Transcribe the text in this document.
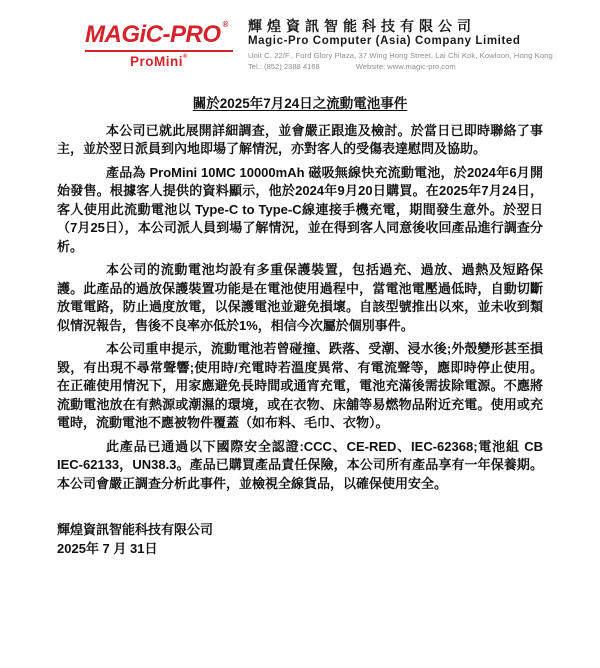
MAGiC-PRO ®
ProMini®
輝煌資訊智能科技有限公司
Magic-Pro Computer (Asia) Company Limited
Unit C, 22/F., Ford Glory Plaza, 37 Wing Hong Street, Lai Chi Kok, Kowloon, Hong Kong
Tel.: (852) 2388 4168	Website: www.magic-pro.com
關於2025年7月24日之流動電池事件

本公司已就此展開詳細調查，並會嚴正跟進及檢討。於當日已即時聯絡了事主，並於翌日派員到內地即場了解情況，亦對客人的受傷表達慰問及協助。

產品為 ProMini 10MC 10000mAh 磁吸無線快充流動電池，於2024年6月開始發售。根據客人提供的資料顯示，他於2024年9月20日購買。在2025年7月24日，客人使用此流動電池以 Type-C to Type-C線連接手機充電，期間發生意外。於翌日（7月25日），本公司派人員到場了解情況，並在得到客人同意後收回產品進行調查分析。

本公司的流動電池均設有多重保護裝置，包括過充、過放、過熱及短路保護。此產品的過放保護裝置功能是在電池使用過程中，當電池電壓過低時，自動切斷放電電路，防止過度放電，以保護電池並避免損壞。自該型號推出以來，並未收到類似情況報告，售後不良率亦低於1%，相信今次屬於個別事件。

本公司重申提示，流動電池若曾碰撞、跌落、受潮、浸水後;外殼變形甚至損毀，有出現不尋常聲響;使用時/充電時若溫度異常、有電流聲等，應即時停止使用。在正確使用情況下，用家應避免長時間或通宵充電，電池充滿後需拔除電源。不應將流動電池放在有熱源或潮濕的環境，或在衣物、床舖等易燃物品附近充電。使用或充電時，流動電池不應被物件覆蓋（如布料、毛巾、衣物）。

此產品已通過以下國際安全認證:CCC、CE-RED、IEC-62368;電池組 CB IEC-62133，UN38.3。產品已購買產品責任保險，本公司所有產品享有一年保養期。本公司會嚴正調查分析此事件，並檢視全線貨品，以確保使用安全。

輝煌資訊智能科技有限公司
2025年 7 月 31日
